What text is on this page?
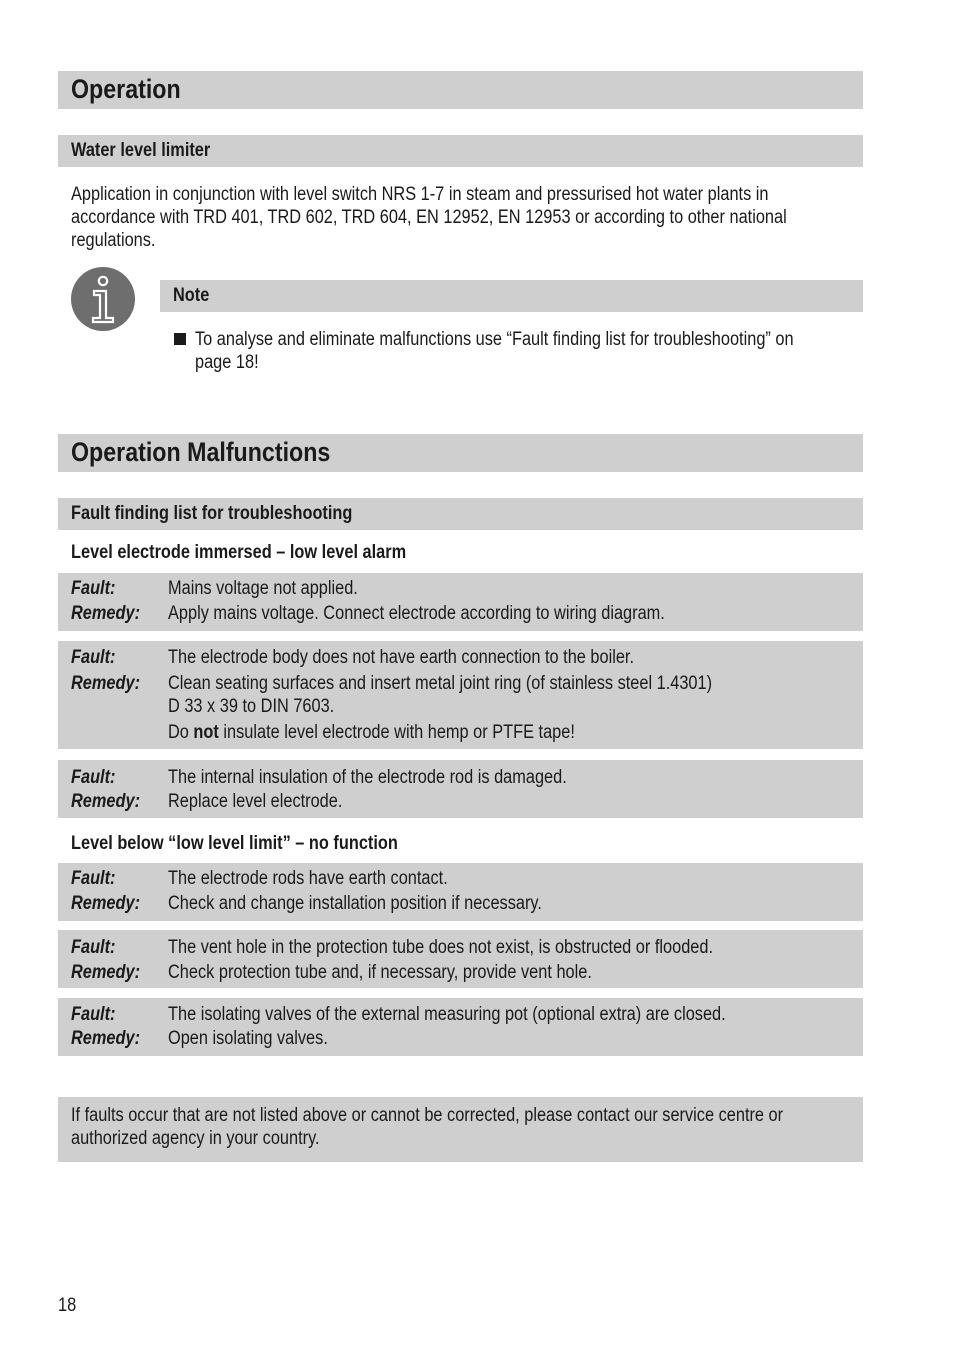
Operation
Water level limiter
Application in conjunction with level switch NRS 1-7 in steam and pressurised hot water plants in
accordance with TRD 401, TRD 602, TRD 604, EN 12952, EN 12953 or according to other national
regulations.
Note
To analyse and eliminate malfunctions use “Fault finding list for troubleshooting” on
page 18!
Operation Malfunctions
Fault finding list for troubleshooting
Level electrode immersed – low level alarm
Fault:	Mains voltage not applied.
Remedy: Apply mains voltage. Connect electrode according to wiring diagram.
Fault:	The electrode body does not have earth connection to the boiler.
Remedy: Clean seating surfaces and insert metal joint ring (of stainless steel 1.4301)
D 33 x 39 to DIN 7603.
Do not insulate level electrode with hemp or PTFE tape!
Fault:	The internal insulation of the electrode rod is damaged.
Remedy: Replace level electrode.
Level below “low level limit” – no function
Fault:	The electrode rods have earth contact.
Remedy: Check and change installation position if necessary.
Fault:	The vent hole in the protection tube does not exist, is obstructed or flooded.
Remedy: Check protection tube and, if necessary, provide vent hole.
Fault:	The isolating valves of the external measuring pot (optional extra) are closed.
Remedy: Open isolating valves.
If faults occur that are not listed above or cannot be corrected, please contact our service centre or
authorized agency in your country.
18
